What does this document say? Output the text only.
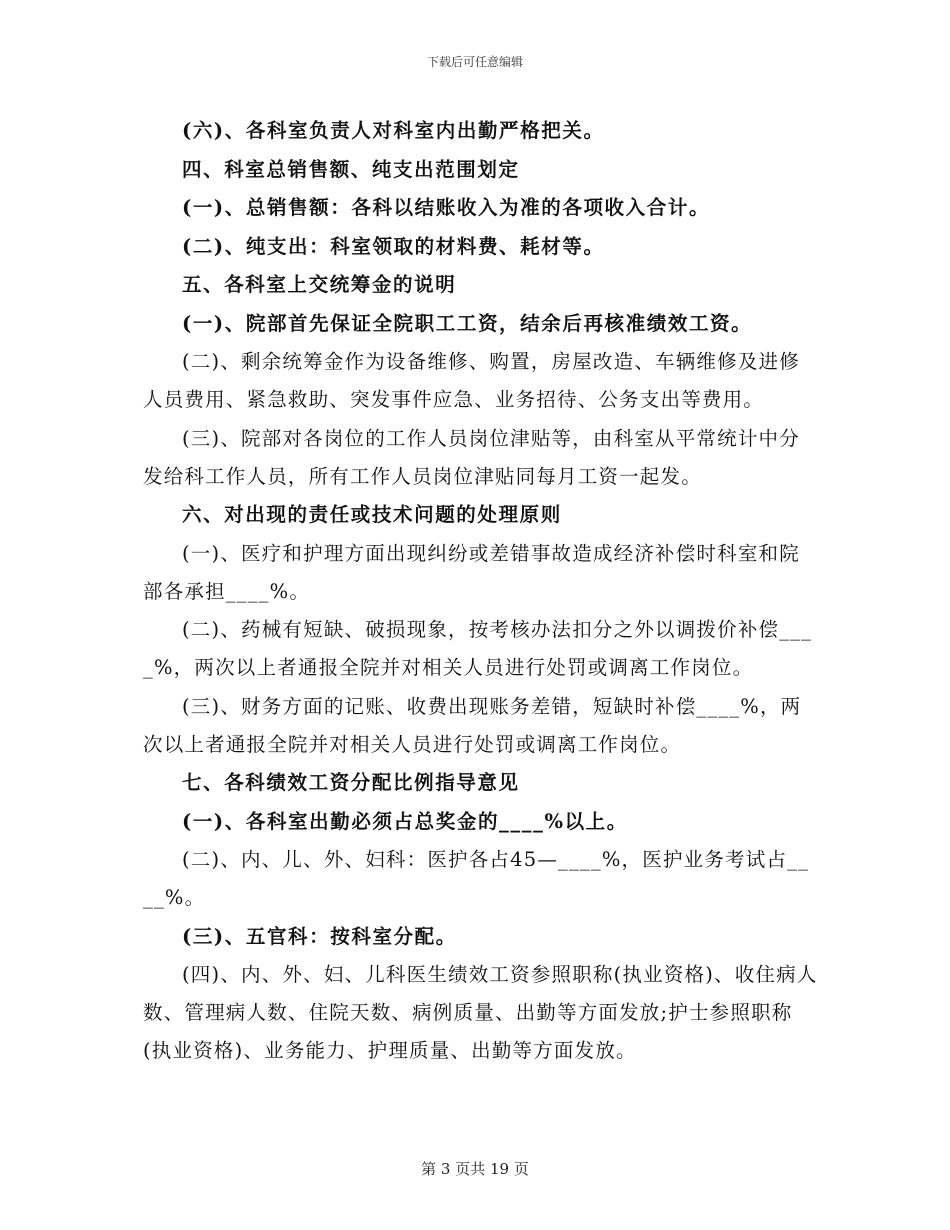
下载后可任意编辑

(六)、各科室负责人对科室内出勤严格把关。

四、科室总销售额、纯支出范围划定

(一)、总销售额：各科以结账收入为准的各项收入合计。

(二)、纯支出：科室领取的材料费、耗材等。

五、各科室上交统筹金的说明

(一)、院部首先保证全院职工工资，结余后再核准绩效工资。

(二)、剩余统筹金作为设备维修、购置，房屋改造、车辆维修及进修人员费用、紧急救助、突发事件应急、业务招待、公务支出等费用。

(三)、院部对各岗位的工作人员岗位津贴等，由科室从平常统计中分发给科工作人员，所有工作人员岗位津贴同每月工资一起发。

六、对出现的责任或技术问题的处理原则

(一)、医疗和护理方面出现纠纷或差错事故造成经济补偿时科室和院部各承担____%。

(二)、药械有短缺、破损现象，按考核办法扣分之外以调拨价补偿____%，两次以上者通报全院并对相关人员进行处罚或调离工作岗位。

(三)、财务方面的记账、收费出现账务差错，短缺时补偿____%，两次以上者通报全院并对相关人员进行处罚或调离工作岗位。

七、各科绩效工资分配比例指导意见

(一)、各科室出勤必须占总奖金的____%以上。

(二)、内、儿、外、妇科：医护各占45—____%，医护业务考试占____%。

(三)、五官科：按科室分配。

(四)、内、外、妇、儿科医生绩效工资参照职称(执业资格)、收住病人数、管理病人数、住院天数、病例质量、出勤等方面发放;护士参照职称(执业资格)、业务能力、护理质量、出勤等方面发放。

第 3 页共 19 页
